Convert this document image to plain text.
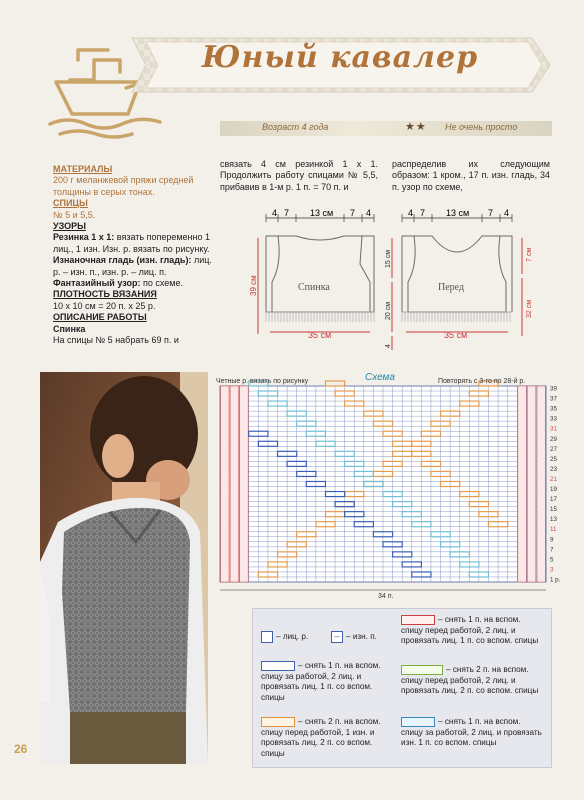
Юный кавалер
Возраст 4 года	★★ Не очень просто
МАТЕРИАЛЫ
200 г меланжевой пряжи средней толщины в серых тонах.
СПИЦЫ
№ 5 и 5,5.
УЗОРЫ
Резинка 1 х 1: вязать попеременно 1 лиц., 1 изн. Изн. р. вязать по рисунку.
Изнаночная гладь (изн. гладь): лиц. р. – изн. п., изн. р. – лиц. п.
Фантазийный узор: по схеме.
ПЛОТНОСТЬ ВЯЗАНИЯ
10 х 10 см = 20 п. х 25 р.
ОПИСАНИЕ РАБОТЫ
Спинка
На спицы № 5 набрать 69 п. и
связать 4 см резинкой 1 х 1. Продолжить работу спицами № 5,5, прибавив в 1-м р. 1 п. = 70 п. и
распределив их следующим образом: 1 кром., 17 п. изн. гладь, 34 п. узор по схеме,
4 7 13 см 7 4	4 7 13 см 7 4
Спинка	Перед
35 см	35 см
39 см
15 см
20 см
4
7 см
32 см
39
37
35
33
31
29
27
25
23
21
19
17
15
13
11
9
7
5
3
1 р.
Схема
Четные р. вязать по рисунку	Повторять с 3-го по 28-й р.
34 п.
– лиц. р.	– – изн. п.
– снять 1 п. на вспом. спицу перед работой, 2 лиц. и провязать лиц. 1 п. со вспом. спицы
– снять 1 п. на вспом. спицу за работой, 2 лиц. и провязать лиц. 1 п. со вспом. спицы
– снять 2 п. на вспом. спицу перед работой, 2 лиц. и провязать лиц. 2 п. со вспом. спицы
– снять 2 п. на вспом. спицу перед работой, 1 изн. и провязать лиц. 2 п. со вспом. спицы
– снять 1 п. на вспом. спицу за работой, 2 лиц. и провязать изн. 1 п. со вспом. спицы
26
